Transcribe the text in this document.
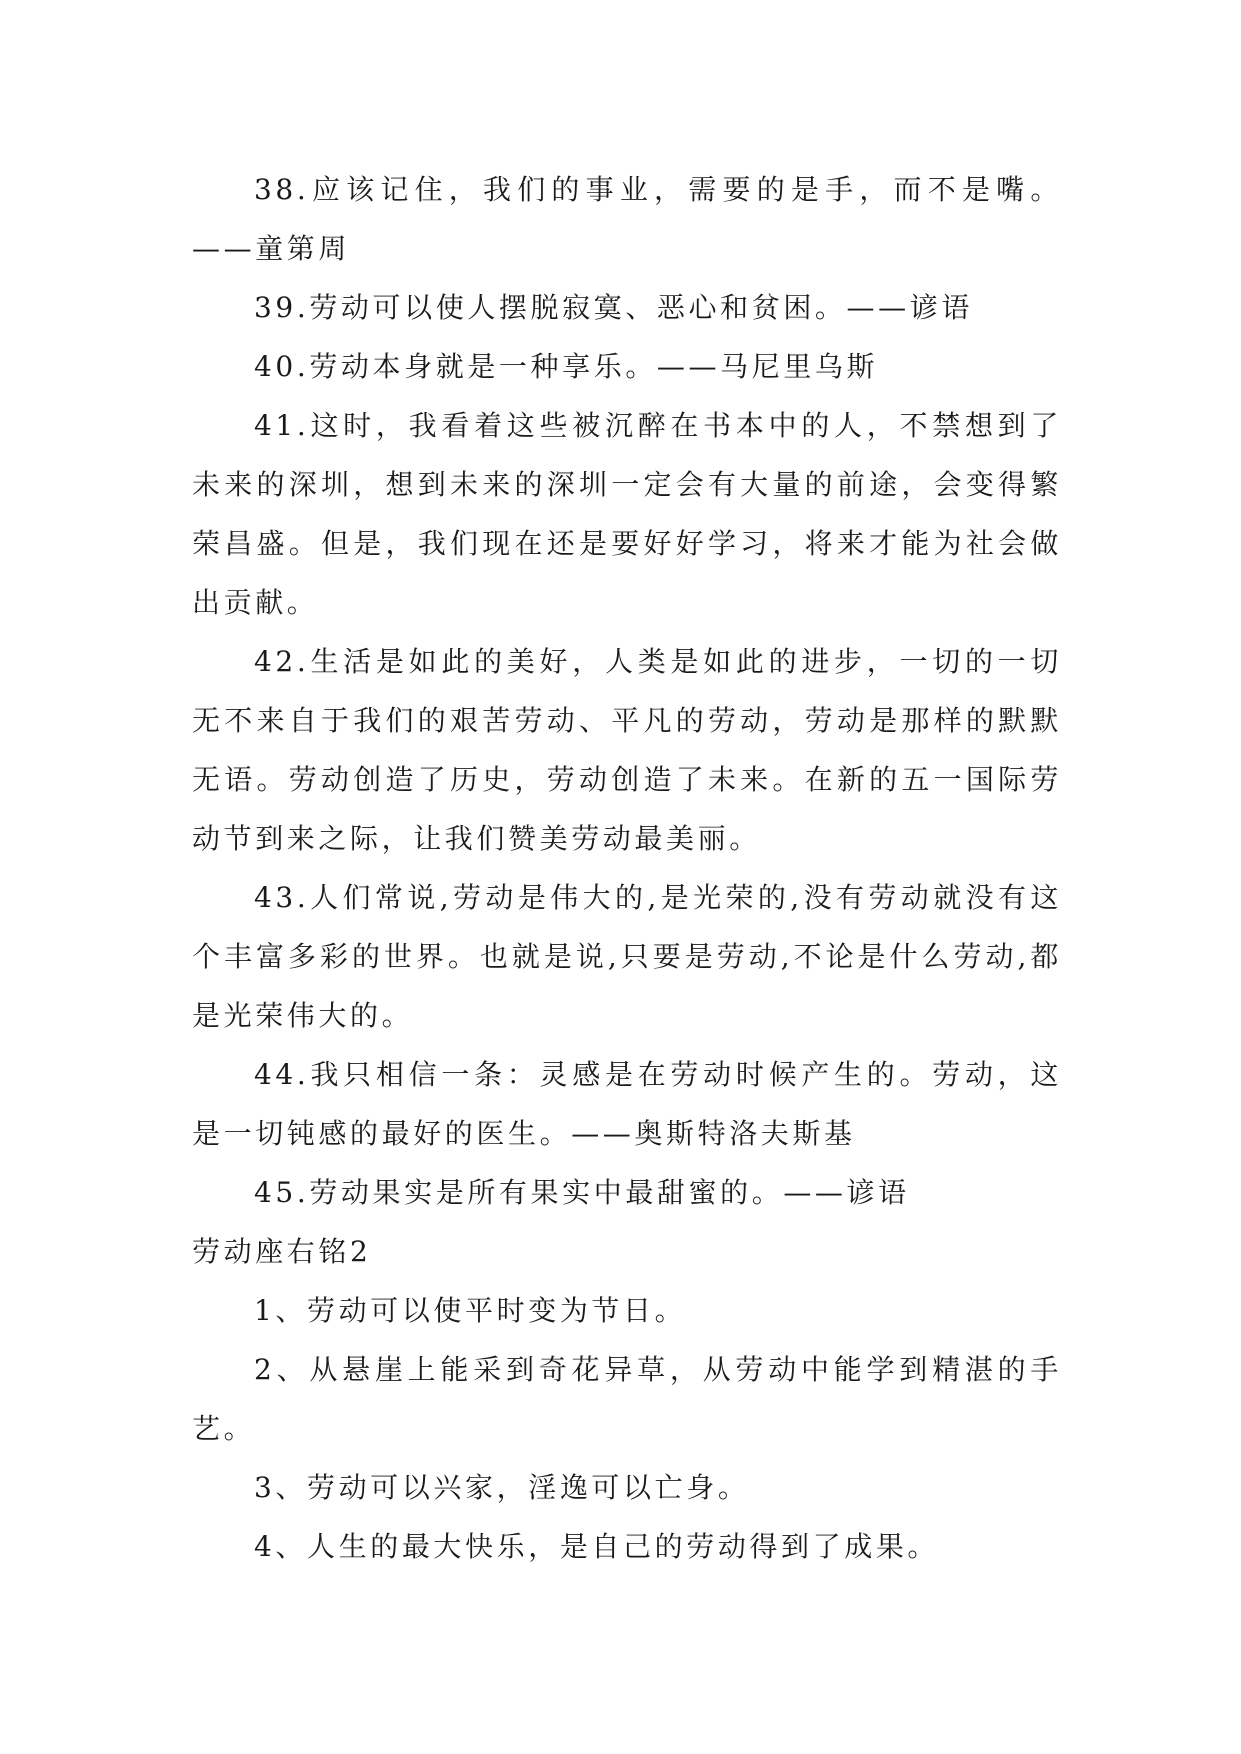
38.应该记住，我们的事业，需要的是手，而不是嘴。——童第周

39.劳动可以使人摆脱寂寞、恶心和贫困。——谚语

40.劳动本身就是一种享乐。——马尼里乌斯

41.这时，我看着这些被沉醉在书本中的人，不禁想到了未来的深圳，想到未来的深圳一定会有大量的前途，会变得繁荣昌盛。但是，我们现在还是要好好学习，将来才能为社会做出贡献。

42.生活是如此的美好，人类是如此的进步，一切的一切无不来自于我们的艰苦劳动、平凡的劳动，劳动是那样的默默无语。劳动创造了历史，劳动创造了未来。在新的五一国际劳动节到来之际，让我们赞美劳动最美丽。

43.人们常说,劳动是伟大的,是光荣的,没有劳动就没有这个丰富多彩的世界。也就是说,只要是劳动,不论是什么劳动,都是光荣伟大的。

44.我只相信一条：灵感是在劳动时候产生的。劳动，这是一切钝感的最好的医生。——奥斯特洛夫斯基

45.劳动果实是所有果实中最甜蜜的。——谚语

劳动座右铭2

1、劳动可以使平时变为节日。

2、从悬崖上能采到奇花异草，从劳动中能学到精湛的手艺。

3、劳动可以兴家，淫逸可以亡身。

4、人生的最大快乐，是自己的劳动得到了成果。
